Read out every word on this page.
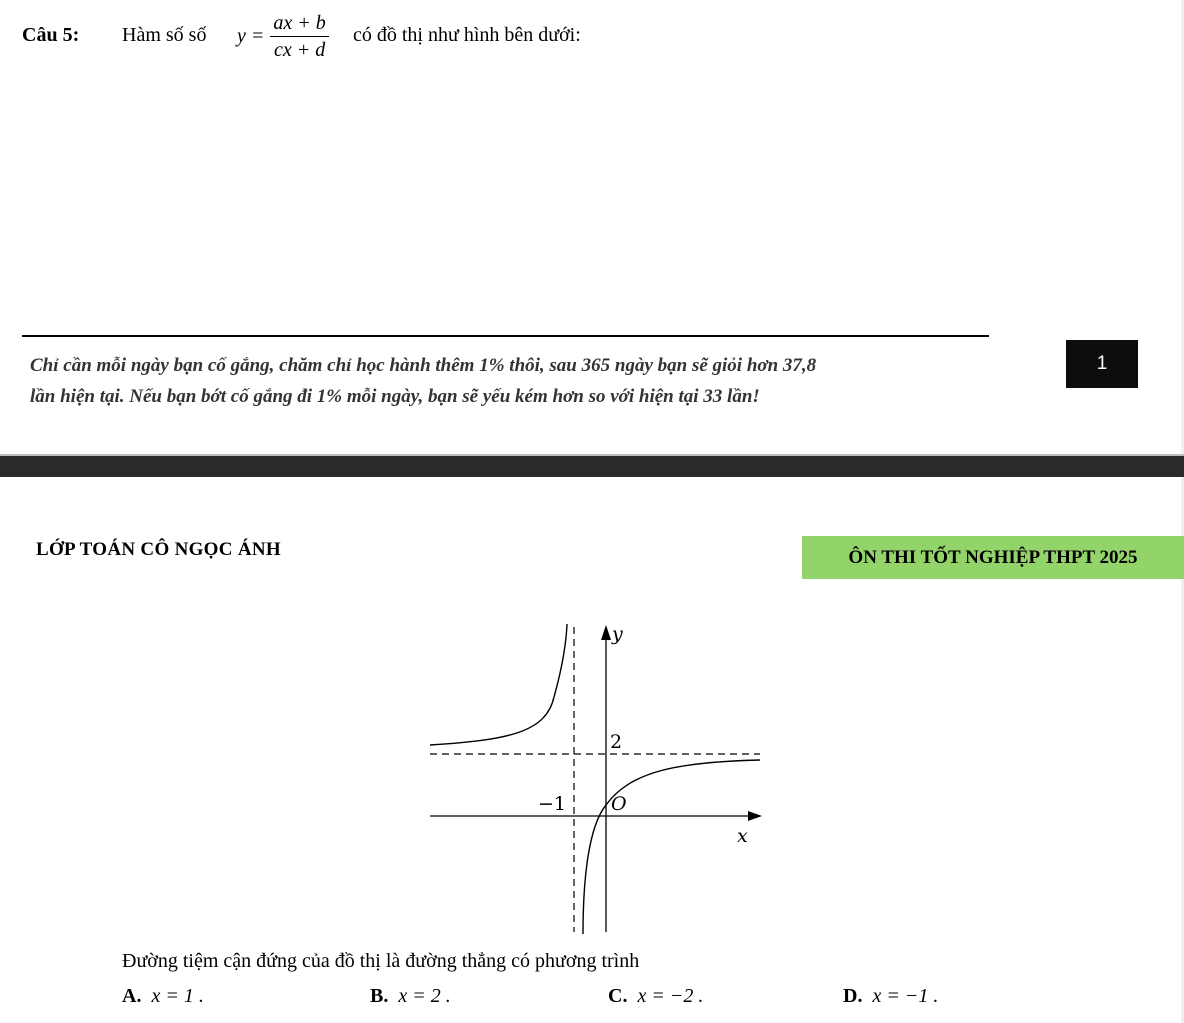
Câu 5: Hàm số số $y = \frac{ax + b}{cx + d}$ có đồ thị như hình bên dưới:
Chỉ cần mỗi ngày bạn cố gắng, chăm chỉ học hành thêm 1% thôi, sau 365 ngày bạn sẽ giỏi hơn 37,8
lần hiện tại. Nếu bạn bớt cố gắng đi 1% mỗi ngày, bạn sẽ yếu kém hơn so với hiện tại 33 lần!
1
LỚP TOÁN CÔ NGỌC ÁNH	ÔN THI TỐT NGHIỆP THPT 2025
y
x
2
−1 O
Đường tiệm cận đứng của đồ thị là đường thẳng có phương trình
A. x = 1 .	B. x = 2 .	C. x = −2 .	D. x = −1 .
